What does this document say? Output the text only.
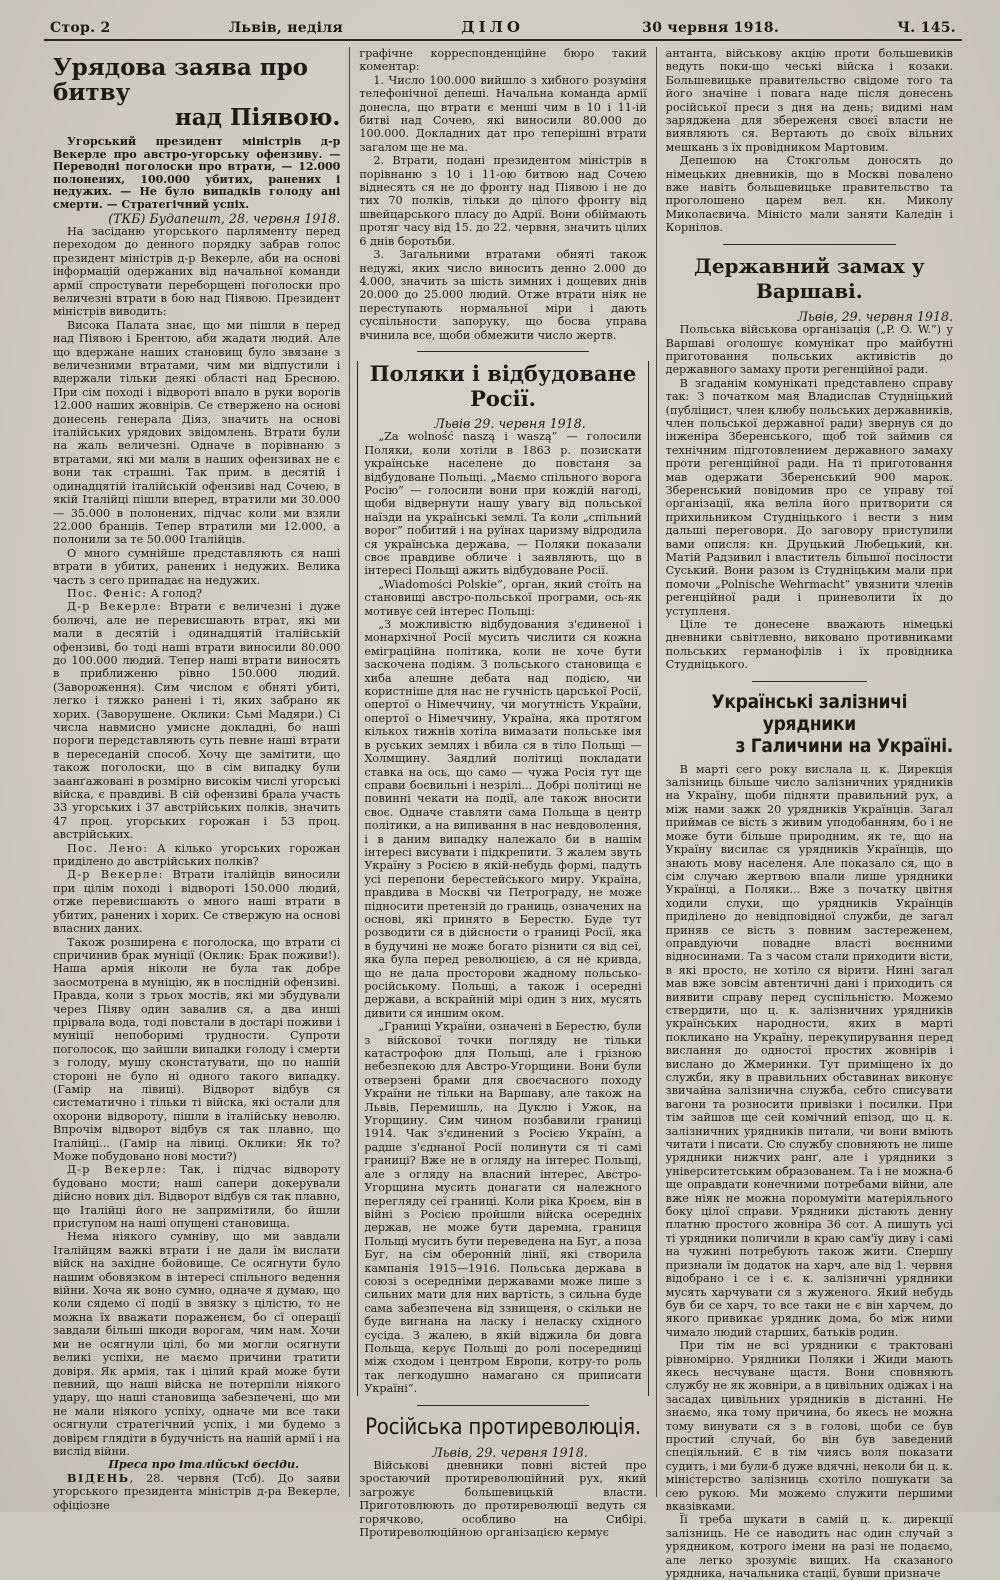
Стор. 2	Львів, неділя	ДІЛО	30 червня 1918.	Ч. 145.
Урядова заява про битву
над Піявою.

Угорський президент міністрів д-р Векерле про австро-угорську офензиву. — Переводні поголоски про втрати, — 12.000 полонених, 100.000 убитих, ранених і недужих. — Не було випадків голоду ані смерти. — Стратегічний успіх.

(ТКБ) Будапешт, 28. червня 1918.

На засіданю угорського парляменту перед переходом до денного порядку забрав голос президент міністрів д-р Векерле, аби на основі інформацій одержаних від начальної команди армії спростувати переборщені поголоски про величезні втрати в бою над Піявою. Президент міністрів виводить:

Висока Палата знає, що ми пішли в перед над Піявою і Брентою, аби жадати людий. Але що вдержане наших становищ було звязане з величезними втратами, чим ми відпустили і вдержали тільки деякі області над Бресною. При сім поході і відвороті впало в руки ворогів 12.000 наших жовнірів. Се ствержено на основі донесень генерала Діяз, значить на основі італійських урядових звідомлень. Втрати були на жаль величезні. Одначе в порівнаню з втратами, які ми мали в наших офензивах не є вони так страшні. Так прим. в десятій і одинадцятій італійській офензиві над Сочею, в якій Італійці пішли вперед, втратили ми 30.000 — 35.000 в полонених, підчас коли ми взяли 22.000 бранців. Тепер втратили ми 12.000, а полонили за те 50.000 Італійців.

О много сумнійше представляють ся наші втрати в убитих, ранених і недужих. Велика часть з сего припадає на недужих.

Пос. Феніс: А голод?

Д-р Векерле: Втрати є величезні і дуже болючі, але не перевисшають втрат, які ми мали в десятій і одинадцятій італійській офензиві, бо тоді наші втрати виносили 80.000 до 100.000 людий. Тепер наші втрати виносять в приближеню рівно 150.000 людий. (Завороження). Сим числом є обняті убиті, легко і тяжко ранені і ті, яких забрано як хорих. (Заворушене. Оклики: Сьмі Мадяри.) Сі числа навмисно умисне докладні, бо наші пороги передставляють суть певне наші втрати в переседаній способ. Хочу ще замітити, що також поголоски, що в сім випадку були заанґажовані в розмірно високім числі угорські війска, є правдиві. В сій офензиві брала участь 33 угорських і 37 австрійських полків, значить 47 проц. угорських горожан і 53 проц. австрійських.

Пос. Лено: А кілько угорських горожан приділено до австрійських полків?

Д-р Векерле: Втрати італійців виносили при цілім поході і відвороті 150.000 людий, отже перевисшають о много наші втрати в убитих, ранених і хорих. Се ствержую на основі власних даних.

Також розширена є поголоска, що втрати сі спричинив брак муніції (Оклик: Брак поживи!). Наша армія ніколи не була так добре заосмотрена в муніцію, як в послідній офензиві. Правда, коли з трьох мостів, які ми збудували через Піяву один завалив ся, а два инші прірвала вода, тоді повстали в достарі поживи і муніції непоборимі трудности. Супроти поголосок, що зайшли випадки голоду і смерти з голоду, мушу сконстатувати, що по нашій стороні не було ні одного такого випадку. (Гамір на лівиці). Відворот відбув ся систематично і тільки ті війска, які остали для охорони відвороту, пішли в італійську неволю. Впрочім відворот відбув ся так плавно, що Італійці... (Гамір на лівиці. Оклики: Як то? Може побудовано нові мости?)

Д-р Векерле: Так, і підчас відвороту будовано мости; наші сапери докерували дійсно нових діл. Відворот відбув ся так плавно, що Італійці його не запримітили, бо йшли приступом на наші опущені становища.

Нема ніякого сумніву, що ми завдали Італійцям важкі втрати і не дали їм вислати війск на західне бойовище. Се осягнути було нашим обовязком в інтересі спільного ведення війни. Хоча як воно сумно, одначе я думаю, що коли сядемо сї події в звязку з цілістю, то не можна їх вважати пораженєм, бо сї операції завдали більші шкоди ворогам, чим нам. Хочи ми не осягнули цілі, бо ми могли осягнути великі успіхи, не маємо причини тратити довіря. Як армія, так і цілий край може бути певний, що наші війска не потерпіли ніякого удару, що наші становища забезпечені, що ми не мали ніякого успіху, одначе ми все таки осягнули стратегічний успіх, і ми будемо з довірєм глядіти в будучність на нашій армії і на вислід війни.

Преса про італійські бесіди.

ВІДЕНЬ, 28. червня (Тсб). До заяви угорського президента міністрів д-ра Векерле, офіціозне

графічне корреспонденційне бюро такий коментар:

1. Число 100.000 вийшло з хибного розуміня телефонічної депеші. Начальна команда армії донесла, що втрати є менші чим в 10 і 11-ій битві над Сочею, які виносили 80.000 до 100.000. Докладних дат про теперішні втрати загалом ще не ма.

2. Втрати, подані президентом міністрів в порівнаню з 10 і 11-ою битвою над Сочею віднесять ся не до фронту над Піявою і не до тих 70 полків, тільки до цілого фронту від швейцарського пласу до Адрії. Вони обіймають протяг часу від 15. до 22. червня, значить цілих 6 днів боротьби.

3. Загальними втратами обняті також недужі, яких число виносить денно 2.000 до 4.000, значить за шість зимних і дощевих днів 20.000 до 25.000 людий. Отже втрати ніяк не переступають нормальної міри і дають суспільности запоруку, що босва управа вчинила все, щоби обмежити число жертв.

Поляки і відбудоване Росії.

Львів 29. червня 1918.

„Za wolność naszą i waszą” — голосили Поляки, коли хотіли в 1863 р. позискати українське населене до повстаня за відбудоване Польщі. „Маємо спільного ворога Росію” — голосили вони при кождій нагоді, щоби відвернути нашу увагу від польської наїзди на українські землі. Та коли „спільний ворог” побитий і на руїнах царизму відродила ся українська держава, — Поляки показали своє правдиве обличе і заявляють, що в інтересі Польщі ажить відбудоване Росії.

„Wiadomości Polskie”, орган, який стоїть на становищі австро-польської програми, ось-як мотивує сей інтерес Польщі:

„З можливістю відбудования з'єдиненої і монархічної Росії мусить числити ся кожна еміграційна політика, коли не хоче бути заскочена подіям. З польського становища є хиба алешне дебата над подією, чи користніше для нас не гучність царської Росії, опертої о Німеччину, чи могутність України, опертої о Німеччину, Україна, яка протягом кількох тижнів хотіла вимазати польське імя в руських землях і вбила ся в тіло Польщі — Холмщину. Заядлий політиці покладати ставка на ось, що само — чужа Росія тут ще справи боєвильні і незрілі... Добрі політиці не повинні чекати на події, але також вносити своє. Одначе ставляти сама Польща в центр політики, а на випивання в нас невдоволення, і в даним випадку належало би в нашім інтересі висувати і підкрепити. З жалем звуть Україну з Росією в якій-небудь формі, падуть усі перепони берестейського миру. Україна, правдива в Москві чи Петрограду, не може підносити претензій до границь, означених на основі, які принято в Берестю. Буде тут розводити ся в дійсности о границі Росії, яка в будучині не може богато різнити ся від сеї, яка була перед революцією, а ся не кривда, що не дала просторови жадному польсько-російському. Польщі, а також і осередні держави, а вскрайній мірі один з них, мусять дивити ся иншим оком.

„Границі України, означені в Берестю, були з війскової точки погляду не тільки катастрофою для Польщі, але і грізною небезпекою для Австро-Угорщини. Вони були отверзені брами для своєчасного походу України не тільки на Варшаву, але також на Львів, Перемишль, на Дуклю і Ужок, на Угорщину. Сим чином позбавили границі 1914. Чак з'єдинений з Росією Україні, а радше з'єднаної Росії полинути ся ті самі границі? Вже не в огляду на інтерес Польщі, але з огляду на власний інтерес, Австро-Угорщина мусить донагати ся належного перегляду сеї границі. Коли ріка Кроєм, він в війні з Росією пройшли війска осередніх держав, не може бути даремна, границя Польщі мусить бути переведена на Буг, а поза Буг, на сім оберонній лінії, які створила кампанія 1915—1916. Польська держава в союзі з осередніми державами може лише з сильних мати для них вартість, з сильна буде сама забезпечена від ззнищеня, о скільки не буде вигнана на ласку і неласку східного сусіда. З жалею, в якій віджила би довга Польща, керує Польщі до ролі посередниці між сходом і центром Европи, котру-то роль так легкодушно намагано ся приписати Україні”.

Російська протиреволюція.

Львів, 29. червня 1918.

Військові дневники повні вістей про зростаючий протиреволюційний рух, який загрожує большевицькій власти. Приготовлюють до протиреволюції ведуть ся горячково, особливо на Сибірі. Протиреволюційною організацією кермує

антанта, військову акцію проти большевиків ведуть поки-що чеські війска і козаки. Большевицьке правительство свідоме того та його значіне і повага наде після донесень російської преси з дня на день; видимі нам заряджена для збереженя своєї власти не виявляють ся. Вертають до своїх вільних мешкань з їх провідником Мартовим.

Депешою на Стокгольм доносять до німецьких дневників, що в Москві повалено вже навіть большевицьке правительство та проголошено царем вел. кн. Миколу Миколаєвича. Міністо мали заняти Каледін і Корнілов.

Державний замах у Варшаві.

Львів, 29. червня 1918.

Польська військова організація („P. O. W.”) у Варшаві оголошує комунікат про майбутні приготовання польських активістів до державного замаху проти регенційної ради.

В згаданім комунікаті представлено справу так: З початком мая Владислав Студніцький (публіцист, член клюбу польських державників, член польської державної ради) звернув ся до інженіра Зберенського, щоб той займив ся технічним підготовлением державного замаху проти регенційної ради. На ті приготовання мав одержати Зберенський 900 марок. Зберенський повідомив про се управу тої організації, яка веліла його притворити ся прихильником Студніцького і вести з ним дальші переговори. До заговору приступили вами описля: кн. Друцький Любецький, кн. Матій Радзивил і властитель більшої посілости Суський. Вони разом із Студніцьким мали при помочи „Polnische Wehrmacht” увязнити членів регенційної ради і приневолити їх до уступленя.

Ціле те донесене вважають німецькі дневники сьвітлевно, виковано противниками польських германофілів і їх провідника Студніцького.

Українські залізничі урядники
з Галичини на Україні.

В марті сего року вислала ц. к. Дирекція залізниць більше число залізничних урядників на Україну, щоби підняти правильний рух, а між нами зажк 20 урядників Українців. Загал приймав се вість з живим уподобанням, бо і не може бути більше природним, як те, що на Україну висилає ся урядників Українців, що знають мову населеня. Але показало ся, що в сім случаю жертвою впали лише урядники Українці, а Поляки... Вже з початку цвітня ходили слухи, що урядників Українців приділено до невідповідної служби, де загал приняв се вість з повним застереженем, оправдуючи повадне власті воєнними відносинами. Та з часом стали приходити вісти, в які просто, не хотіло ся вірити. Нині загал мав вже зовсім автентичні дані і приходить ся виявити справу перед суспільністю. Можемо ствердити, що ц. к. залізничних урядників українських народности, яких в марті покликано на Україну, перекупирування перед вислання до одностої простих жовнірів і вислано до Жмеринки. Тут приміщено їх до служби, яку в правильних обставинах виконує звичайна залізнична служба, себто списувати вагони та розносити привізки і посилки. При тім зайшов ще сей комічний епізод, що ц. к. залізничних урядників питали, чи вони вміють читати і писати. Сю службу сповняють не лише урядники нижчих ранґ, але і урядники з університетським образованем. Та і не можна-б ще оправдати конечними потребами війни, але вже ніяк не можна поромуміти матеріяльного боку цілої справи. Урядники дістають денну платню простого жовніра 36 сот. А пишуть усі ті урядники поличили в краю сам'їу диву і самі на чужині потребують також жити. Спершу признали їм додаток на харч, але від 1. червня відобрано і се і є. к. залізничні урядники мусять харчувати ся з жуженого. Який небудь був би се харч, то все таки не є він харчем, до якого привикає урядник дома, бо між ними чимало людий старших, батьків родин.

При тім не всі урядники є трактовані рівномірно. Урядники Поляки і Жиди мають якесь несчуване щастя. Вони сповняють службу не як жовніри, а в цивільних одіжах і на засадах цивільних урядників в дістанні. Не знаємо, яка тому причина, бо якесь не можна тому винувати ся з в голові, щоби се був простий случай, бо він був заведений спеціяльний. Є в тім чиясь воля показати судить, і ми були-б дуже вдячні, неколи би ц. к. міністерство залізниць схотіло пошукати за сею рукою. Ми можемо служити першими вказівками.

Її треба шукати в самій ц. к. дирекції залізниць. Не се наводить нас один случай з урядником, котрого імени на разі не подаємо, але легко зрозуміє вищих. На сказаного урядника, начальника стації, бувши призначе
